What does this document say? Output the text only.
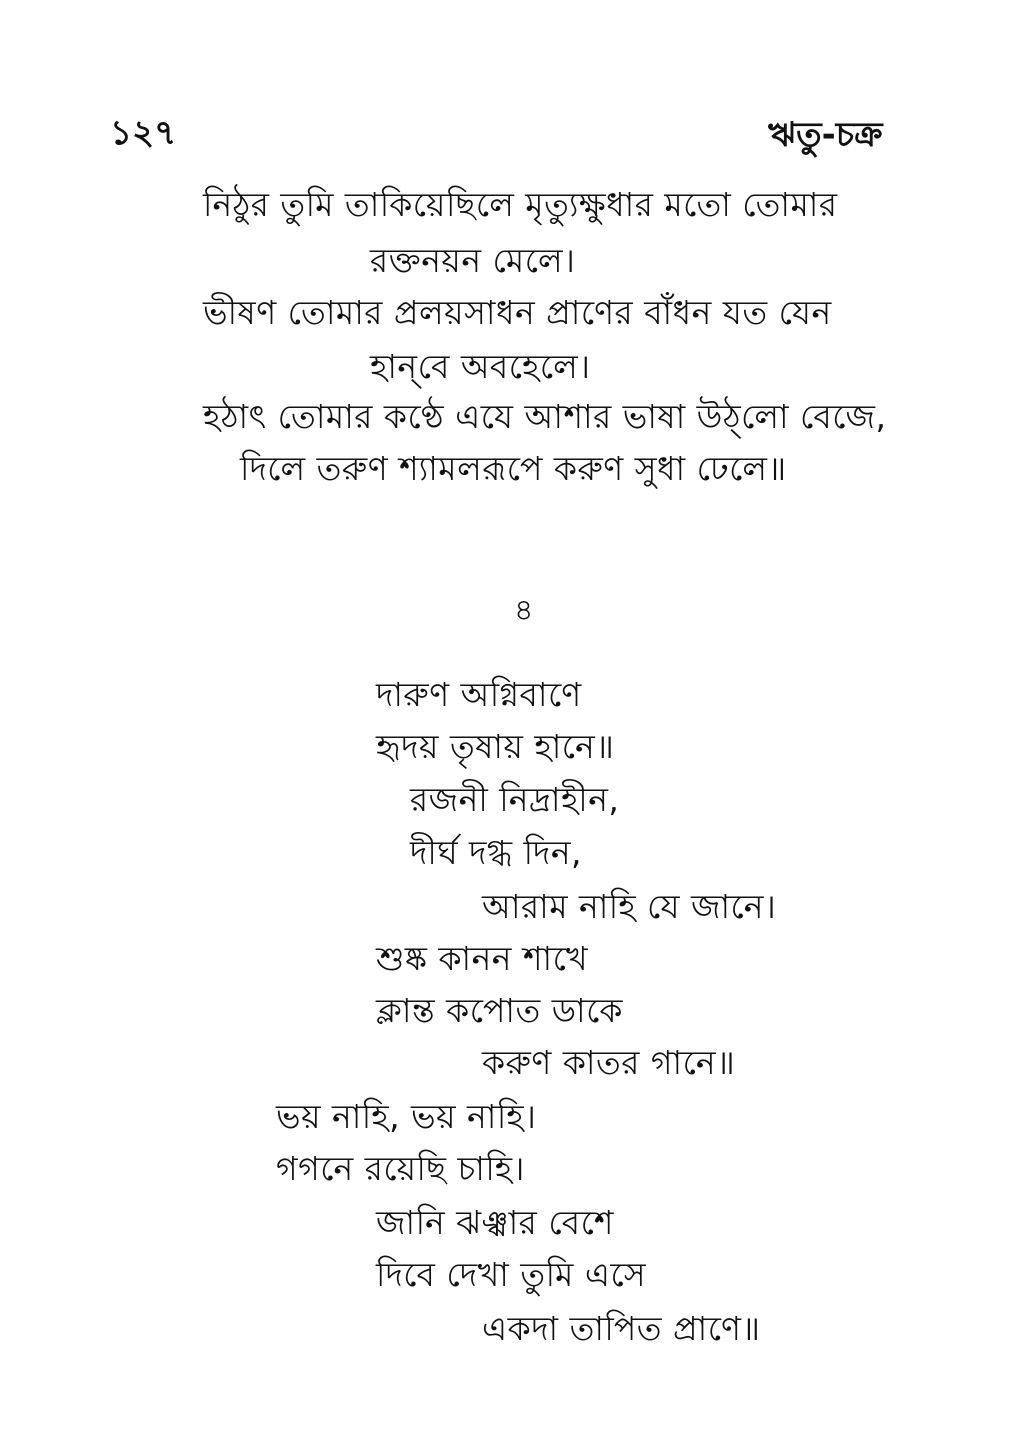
১২৭	ঋতু-চক্র
নিঠুর তুমি তাকিয়েছিলে মৃত্যুক্ষুধার মতো তোমার
রক্তনয়ন মেলে।
ভীষণ তোমার প্রলয়সাধন প্রাণের বাঁধন যত যেন
হান্‌বে অবহেলে।
হঠাৎ তোমার কণ্ঠে এযে আশার ভাষা উঠ্‌লো বেজে,
দিলে তরুণ শ্যামলরূপে করুণ সুধা ঢেলে॥
৪
দারুণ অগ্নিবাণে
হৃদয় তৃষায় হানে॥
রজনী নিদ্রাহীন,
দীর্ঘ দগ্ধ দিন,
আরাম নাহি যে জানে।
শুষ্ক কানন শাখে
ক্লান্ত কপোত ডাকে
করুণ কাতর গানে॥
ভয় নাহি, ভয় নাহি।
গগনে রয়েছি চাহি।
জানি ঝঞ্ঝার বেশে
দিবে দেখা তুমি এসে
একদা তাপিত প্রাণে॥
